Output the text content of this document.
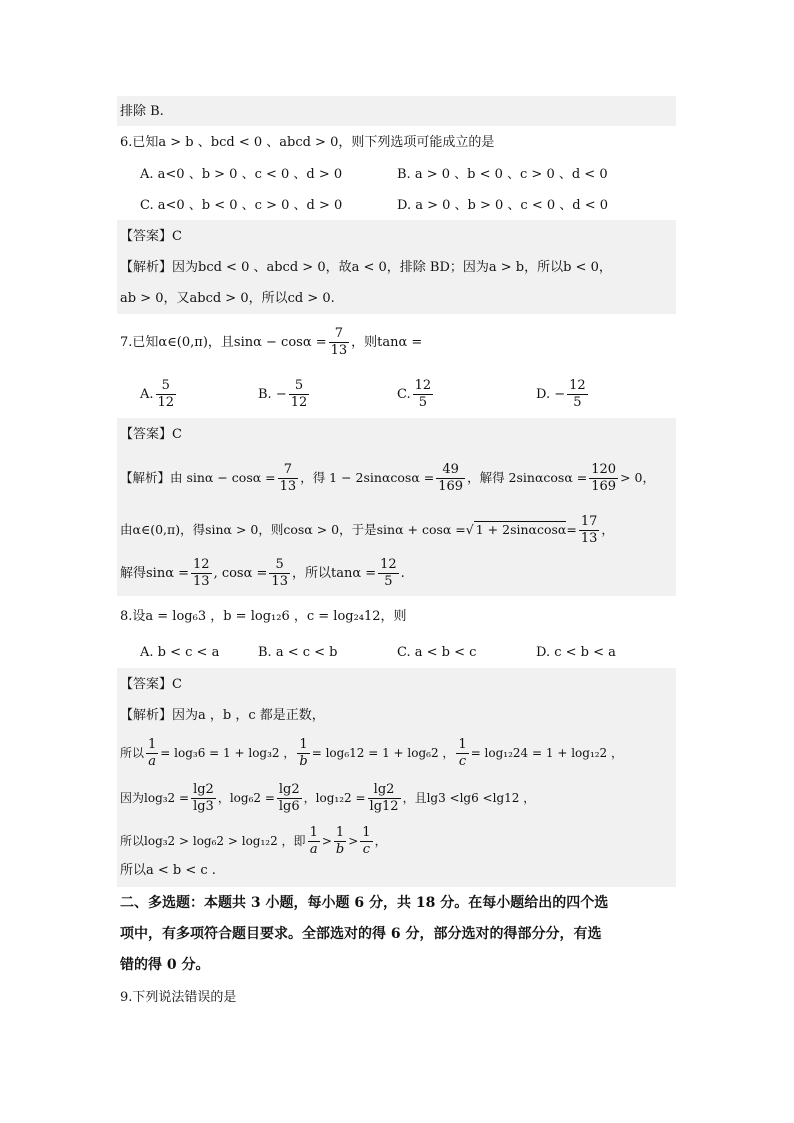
排除 B.
6.已知a > b 、bcd < 0 、abcd > 0，则下列选项可能成立的是
A. a<0 、b > 0 、c < 0 、d > 0	B. a > 0 、b < 0 、c > 0 、d < 0
C. a<0 、b < 0 、c > 0 、d > 0	D. a > 0 、b > 0 、c < 0 、d < 0
【答案】C
【解析】因为bcd < 0 、abcd > 0，故a < 0，排除 BD；因为a > b，所以b < 0，
ab > 0，又abcd > 0，所以cd > 0.
7.已知α∈(0,π)，且$\sin\alpha - \cos\alpha = \frac{7}{13}$ ，则tanα =
A. $\frac{5}{12}$	B. − $\frac{5}{12}$	C. $\frac{12}{5}$	D. − $\frac{12}{5}$
【答案】C
【解析】由 $\sin\alpha - \cos\alpha = \frac{7}{13}$ ，得 $1 - 2\sin\alpha\cos\alpha = \frac{49}{169}$ ，解得 $2\sin\alpha\cos\alpha = \frac{120}{169} > 0$，
由α∈(0,π)，得sinα > 0，则cosα > 0，于是sinα + cosα =√ $1 + 2\sin\alpha\cos\alpha= \frac{17}{13}$ ，
解得$\sin\alpha = \frac{12}{13}$ , $\cos\alpha = \frac{5}{13}$ ，所以$\tan\alpha = \frac{12}{5}$ .
8.设a = log₆3 ，b = log₁₂6 ，c = log₂₄12，则
A. b < c < a	B. a < c < b	C. a < b < c	D. c < b < a
【答案】C
【解析】因为a ，b ，c 都是正数，
所以 $\frac{1}{a} = \log_36 = 1 + \log_32$ ， $\frac{1}{b} = \log_612 = 1 + \log_62$ ， $\frac{1}{c} = \log_{12}24 = 1 + \log_{12}2$ ，
因为$\log_32 = \frac{\lg 2}{\lg 3}$ ，$\log_62 = \frac{\lg 2}{\lg 6}$ ，$\log_{12}2 = \frac{\lg 2}{\lg 12}$ ，且lg3 <lg6 <lg12 ，
所以log₃2 > log₆2 > log₁₂2 ，即 $\frac{1}{a} > \frac{1}{b} > \frac{1}{c}$ ，
所以a < b < c .
二、多选题：本题共 3 小题，每小题 6 分，共 18 分。在每小题给出的四个选
项中，有多项符合题目要求。全部选对的得 6 分，部分选对的得部分分，有选
错的得 0 分。
9.下列说法错误的是
